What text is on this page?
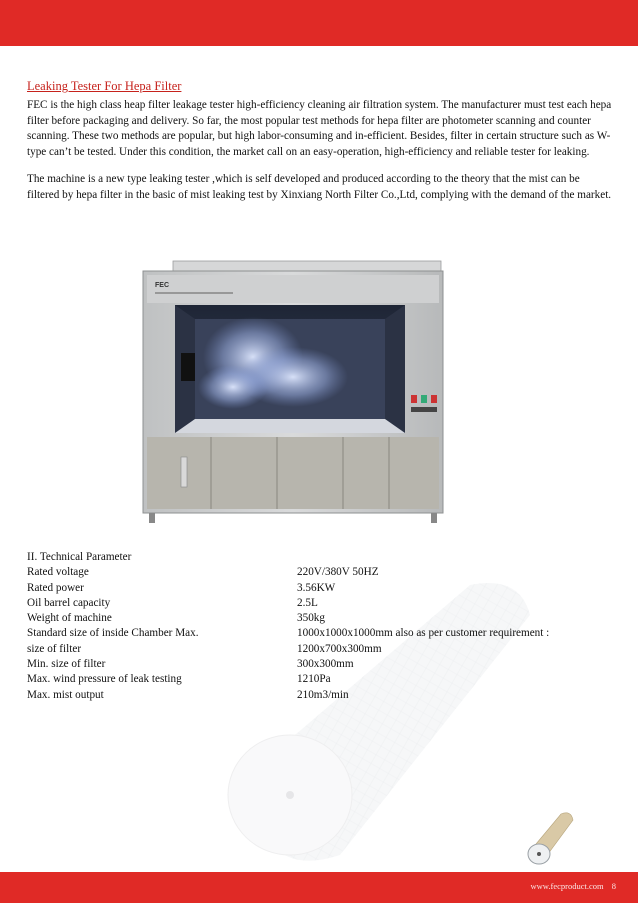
Leaking Tester For Hepa Filter

FEC is the high class heap filter leakage tester high-efficiency cleaning air filtration system. The manufacturer must test each hepa filter before packaging and delivery. So far, the most popular test methods for hepa filter are photometer scanning and counter scanning. These two methods are popular, but high labor-consuming and in-efficient. Besides, filter in certain structure such as W-type can’t be tested. Under this condition, the market call on an easy-operation, high-efficiency and reliable tester for leaking.

The machine is a new type leaking tester ,which is self developed and produced according to the theory that the mist can be filtered by hepa filter in the basic of mist leaking test by Xinxiang North Filter Co.,Ltd, complying with the demand of the market.

FEC
II. Technical Parameter
Rated voltage	220V/380V 50HZ
Rated power	3.56KW
Oil barrel capacity	2.5L
Weight of machine	350kg
Standard size of inside Chamber Max.	1000x1000x1000mm also as per customer requirement :
size of filter	1200x700x300mm
Min. size of filter	300x300mm
Max. wind pressure of leak testing	1210Pa
Max. mist output	210m3/min
www.fecproduct.com 8
